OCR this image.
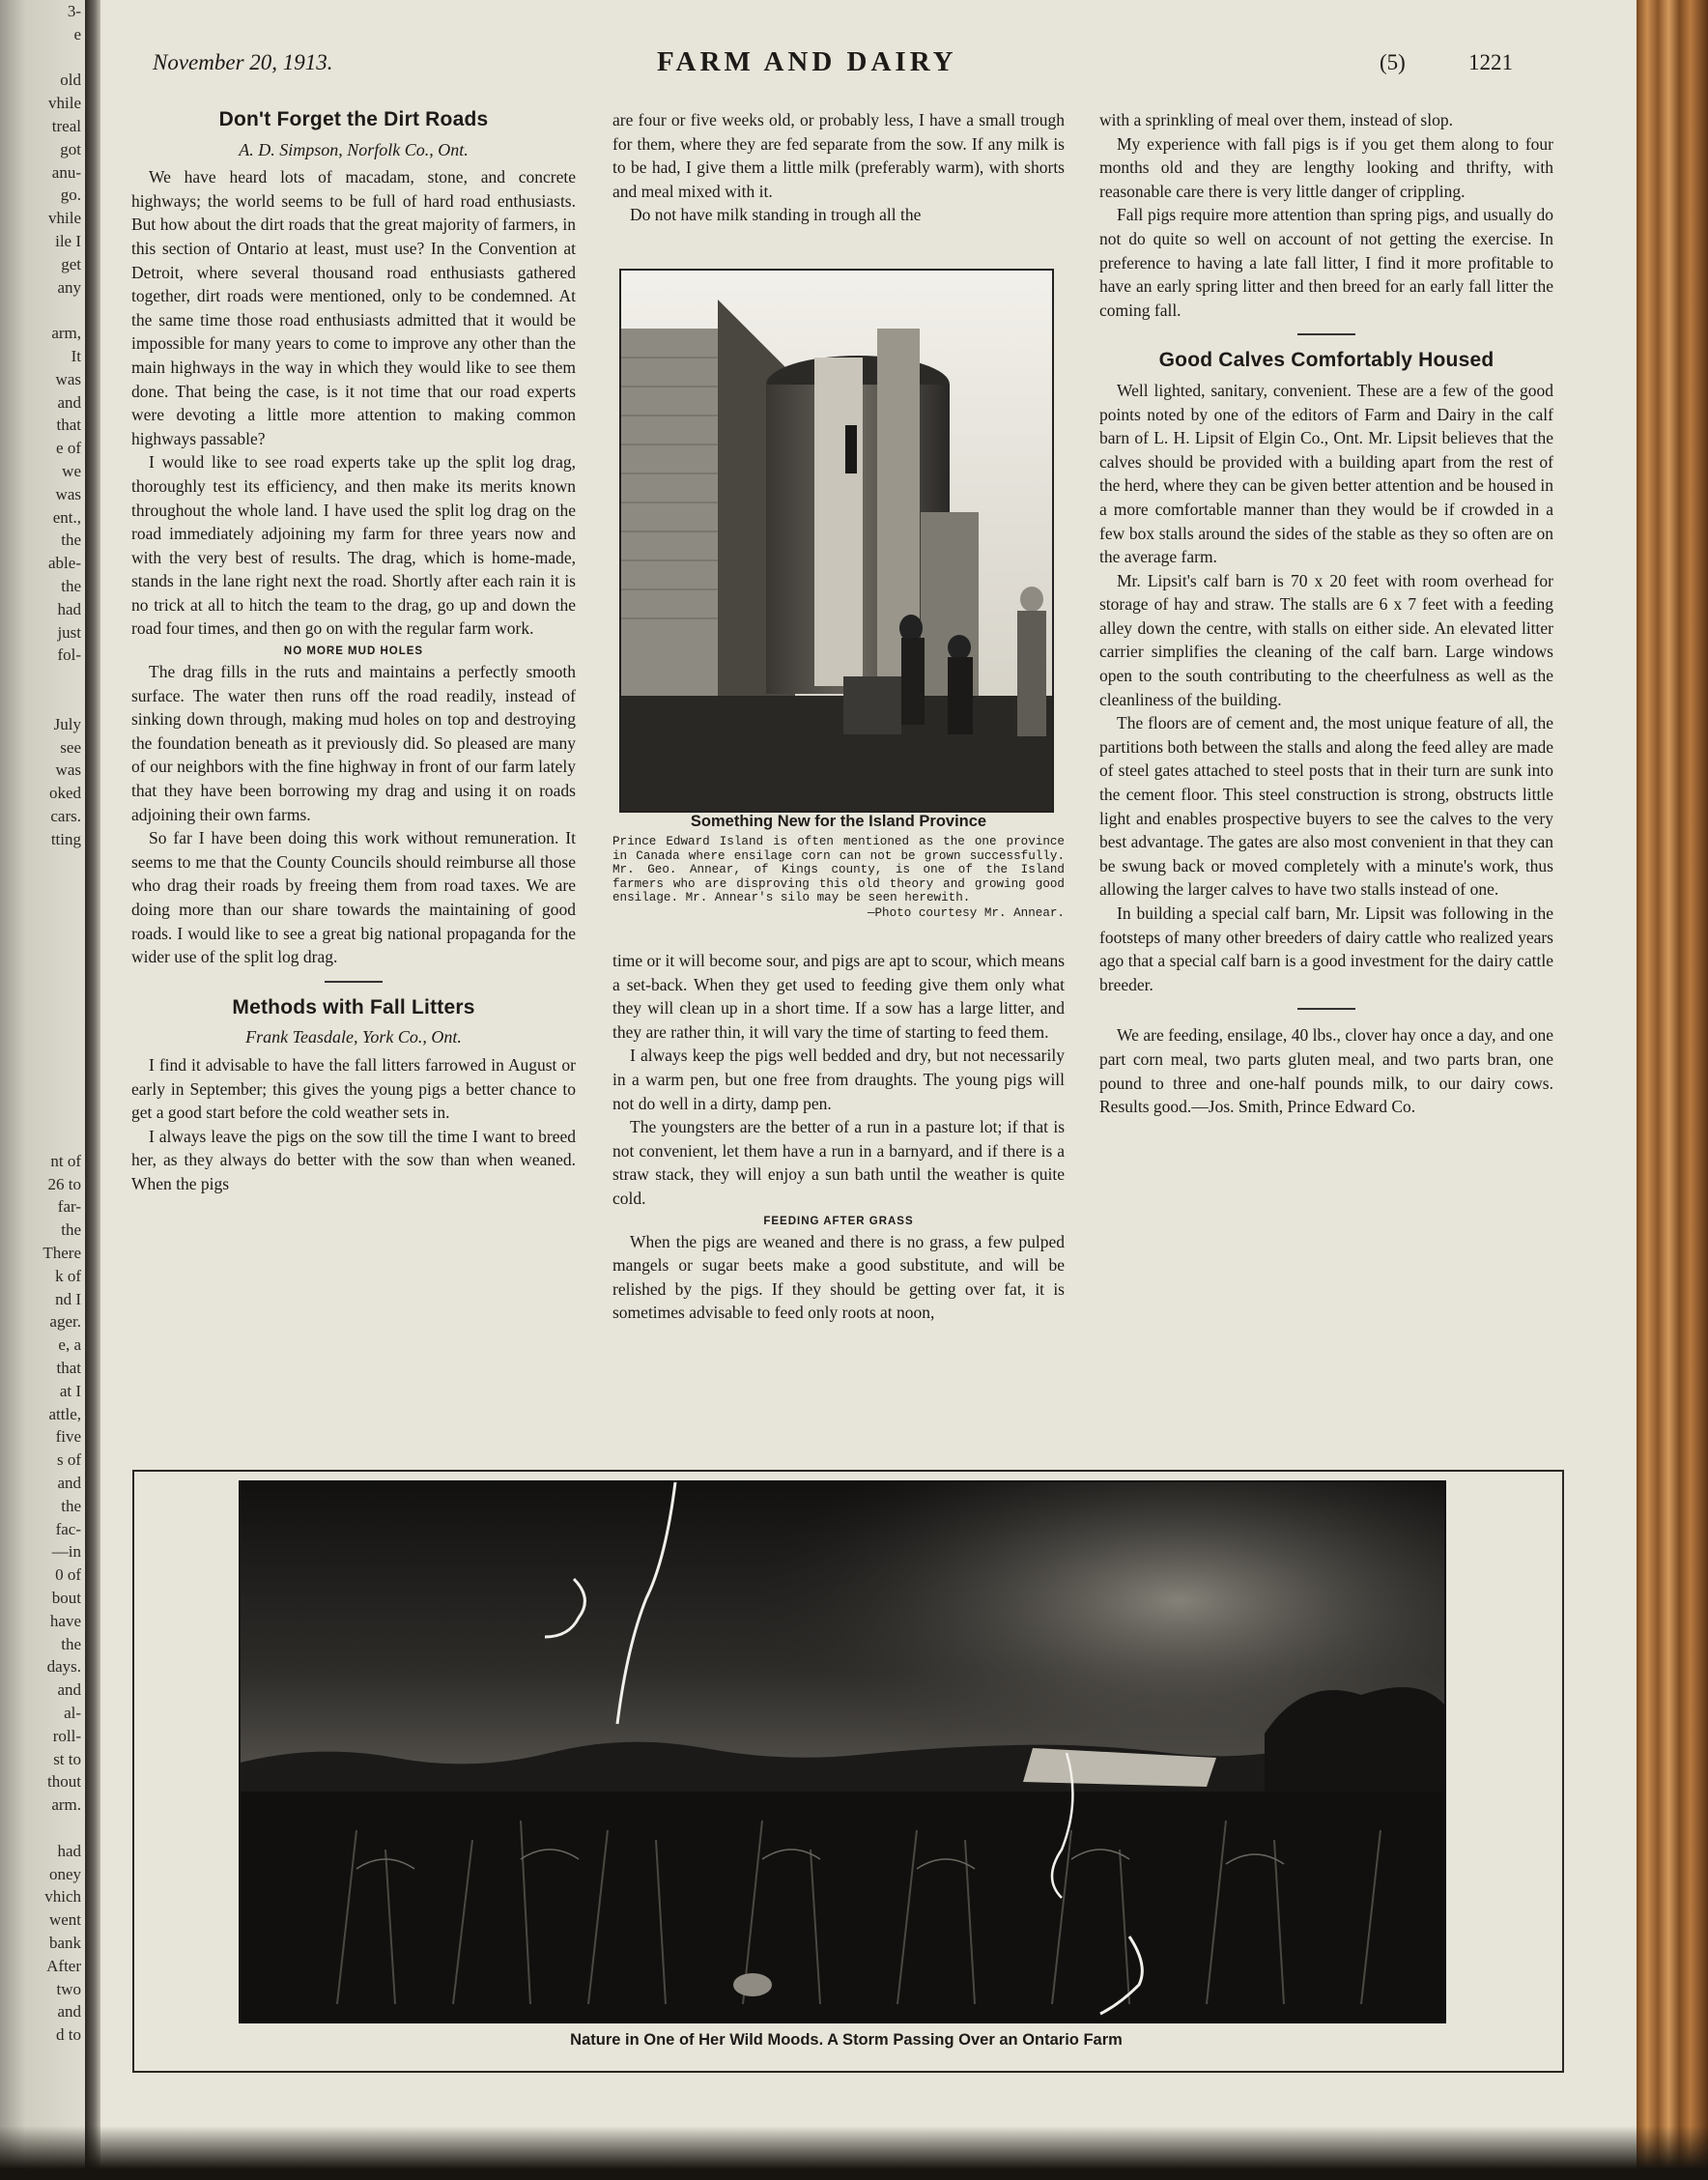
3-
e

old
vhile
treal
got
anu-
go.
vhile
ile I
get
any

arm,
It
was
and
that
e of
we
was
ent.,
the
able-
the
had
just
fol-

July
see
was
oked
cars.
tting

nt of
26 to
far-
the
There
k of
nd I
ager.
e, a
that
at I
attle,
five
s of
and
the
fac-
—in
0 of
bout
have
the
days.
and
al-
roll-
st to
thout
arm.

had
oney
vhich
went
bank
After
two
and
d to
November 20, 1913.	FARM AND DAIRY	(5)	1221
Don't Forget the Dirt Roads
A. D. Simpson, Norfolk Co., Ont.

We have heard lots of macadam, stone, and concrete highways; the world seems to be full of hard road enthusiasts. But how about the dirt roads that the great majority of farmers, in this section of Ontario at least, must use? In the Convention at Detroit, where several thousand road enthusiasts gathered together, dirt roads were mentioned, only to be condemned. At the same time those road enthusiasts admitted that it would be impossible for many years to come to improve any other than the main highways in the way in which they would like to see them done. That being the case, is it not time that our road experts were devoting a little more attention to making common highways passable?

I would like to see road experts take up the split log drag, thoroughly test its efficiency, and then make its merits known throughout the whole land. I have used the split log drag on the road immediately adjoining my farm for three years now and with the very best of results. The drag, which is home-made, stands in the lane right next the road. Shortly after each rain it is no trick at all to hitch the team to the drag, go up and down the road four times, and then go on with the regular farm work.

NO MORE MUD HOLES

The drag fills in the ruts and maintains a perfectly smooth surface. The water then runs off the road readily, instead of sinking down through, making mud holes on top and destroying the foundation beneath as it previously did. So pleased are many of our neighbors with the fine highway in front of our farm lately that they have been borrowing my drag and using it on roads adjoining their own farms.

So far I have been doing this work without remuneration. It seems to me that the County Councils should reimburse all those who drag their roads by freeing them from road taxes. We are doing more than our share towards the maintaining of good roads. I would like to see a great big national propaganda for the wider use of the split log drag.

Methods with Fall Litters
Frank Teasdale, York Co., Ont.

I find it advisable to have the fall litters farrowed in August or early in September; this gives the young pigs a better chance to get a good start before the cold weather sets in.

I always leave the pigs on the sow till the time I want to breed her, as they always do better with the sow than when weaned. When the pigs

are four or five weeks old, or probably less, I have a small trough for them, where they are fed separate from the sow. If any milk is to be had, I give them a little milk (preferably warm), with shorts and meal mixed with it.

Do not have milk standing in trough all the

Something New for the Island Province
Prince Edward Island is often mentioned as the one province in Canada where ensilage corn can not be grown successfully. Mr. Geo. Annear, of Kings county, is one of the Island farmers who are disproving this old theory and growing good ensilage. Mr. Annear's silo may be seen herewith.
—Photo courtesy Mr. Annear.

time or it will become sour, and pigs are apt to scour, which means a set-back. When they get used to feeding give them only what they will clean up in a short time. If a sow has a large litter, and they are rather thin, it will vary the time of starting to feed them.

I always keep the pigs well bedded and dry, but not necessarily in a warm pen, but one free from draughts. The young pigs will not do well in a dirty, damp pen.

The youngsters are the better of a run in a pasture lot; if that is not convenient, let them have a run in a barnyard, and if there is a straw stack, they will enjoy a sun bath until the weather is quite cold.

FEEDING AFTER GRASS

When the pigs are weaned and there is no grass, a few pulped mangels or sugar beets make a good substitute, and will be relished by the pigs. If they should be getting over fat, it is sometimes advisable to feed only roots at noon,

with a sprinkling of meal over them, instead of slop.

My experience with fall pigs is if you get them along to four months old and they are lengthy looking and thrifty, with reasonable care there is very little danger of crippling.

Fall pigs require more attention than spring pigs, and usually do not do quite so well on account of not getting the exercise. In preference to having a late fall litter, I find it more profitable to have an early spring litter and then breed for an early fall litter the coming fall.

Good Calves Comfortably Housed

Well lighted, sanitary, convenient. These are a few of the good points noted by one of the editors of Farm and Dairy in the calf barn of L. H. Lipsit of Elgin Co., Ont. Mr. Lipsit believes that the calves should be provided with a building apart from the rest of the herd, where they can be given better attention and be housed in a more comfortable manner than they would be if crowded in a few box stalls around the sides of the stable as they so often are on the average farm.

Mr. Lipsit's calf barn is 70 x 20 feet with room overhead for storage of hay and straw. The stalls are 6 x 7 feet with a feeding alley down the centre, with stalls on either side. An elevated litter carrier simplifies the cleaning of the calf barn. Large windows open to the south contributing to the cheerfulness as well as the cleanliness of the building.

The floors are of cement and, the most unique feature of all, the partitions both between the stalls and along the feed alley are made of steel gates attached to steel posts that in their turn are sunk into the cement floor. This steel construction is strong, obstructs little light and enables prospective buyers to see the calves to the very best advantage. The gates are also most convenient in that they can be swung back or moved completely with a minute's work, thus allowing the larger calves to have two stalls instead of one.

In building a special calf barn, Mr. Lipsit was following in the footsteps of many other breeders of dairy cattle who realized years ago that a special calf barn is a good investment for the dairy cattle breeder.

We are feeding, ensilage, 40 lbs., clover hay once a day, and one part corn meal, two parts gluten meal, and two parts bran, one pound to three and one-half pounds milk, to our dairy cows. Results good.—Jos. Smith, Prince Edward Co.

Nature in One of Her Wild Moods. A Storm Passing Over an Ontario Farm
